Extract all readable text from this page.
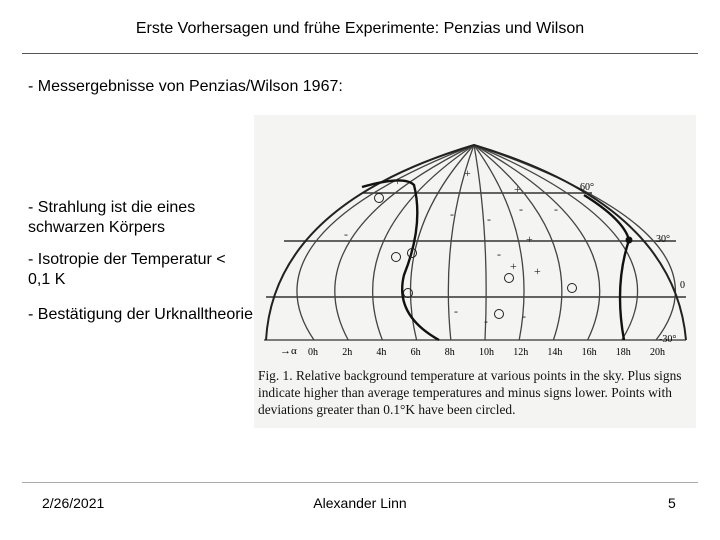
Erste Vorhersagen und frühe Experimente: Penzias und Wilson
- Messergebnisse von Penzias/Wilson 1967:
+
+
+
-	-
-	-
-	+
-
+ +
-	-
-
60°
30°
0
-30°
→α 0h 2h 4h 6h 8h 10h 12h 14h 16h 18h 20h
Fig. 1. Relative background temperature at various points in the sky. Plus signs indicate higher than average temperatures and minus signs lower. Points with deviations greater than 0.1°K have been circled.
- Strahlung ist die eines schwarzen Körpers
- Isotropie der Temperatur < 0,1 K
- Bestätigung der Urknalltheorie
2/26/2021	Alexander Linn	5
